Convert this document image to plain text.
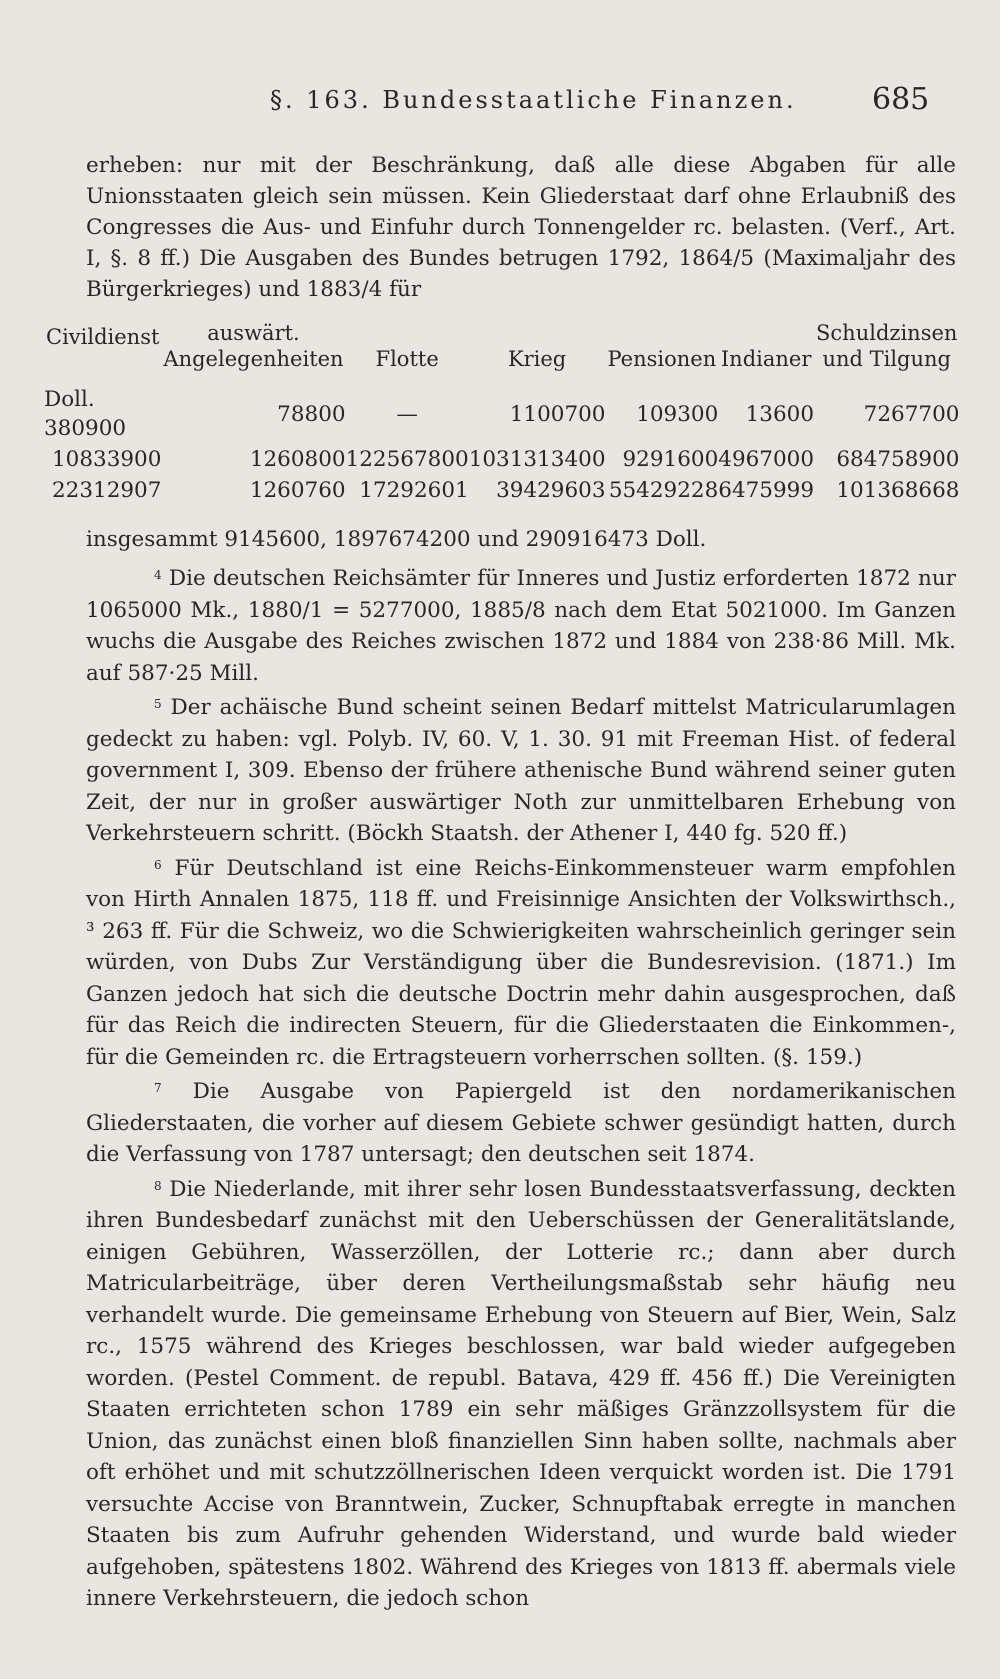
§. 163. Bundesstaatliche Finanzen.	685

erheben: nur mit der Beschränkung, daß alle diese Abgaben für alle Unionsstaaten gleich sein müssen. Kein Gliederstaat darf ohne Erlaubniß des Congresses die Aus- und Einfuhr durch Tonnengelder rc. belasten. (Verf., Art. I, §. 8 ff.) Die Ausgaben des Bundes betrugen 1792, 1864/5 (Maximaljahr des Bürgerkrieges) und 1883/4 für

Civildienst	auswärt. Angelegenheiten	Flotte	Krieg	Pensionen	Indianer	Schuldzinsen und Tilgung
Doll. 380900	78800	—	1100700	109300	13600	7267700
10833900	1260800	122567800	1031313400	9291600	4967000	684758900
22312907	1260760	17292601	39429603	55429228	6475999	101368668

insgesammt 9145600, 1897674200 und 290916473 Doll.

$^4$ Die deutschen Reichsämter für Inneres und Justiz erforderten 1872 nur 1065000 Mk., 1880/1 = 5277000, 1885/8 nach dem Etat 5021000. Im Ganzen wuchs die Ausgabe des Reiches zwischen 1872 und 1884 von 238·86 Mill. Mk. auf 587·25 Mill.

$^5$ Der achäische Bund scheint seinen Bedarf mittelst Matricularumlagen gedeckt zu haben: vgl. Polyb. IV, 60. V, 1. 30. 91 mit Freeman Hist. of federal government I, 309. Ebenso der frühere athenische Bund während seiner guten Zeit, der nur in großer auswärtiger Noth zur unmittelbaren Erhebung von Verkehrsteuern schritt. (Böckh Staatsh. der Athener I, 440 fg. 520 ff.)

$^6$ Für Deutschland ist eine Reichs-Einkommensteuer warm empfohlen von Hirth Annalen 1875, 118 ff. und Freisinnige Ansichten der Volkswirthsch., ³ 263 ff. Für die Schweiz, wo die Schwierigkeiten wahrscheinlich geringer sein würden, von Dubs Zur Verständigung über die Bundesrevision. (1871.) Im Ganzen jedoch hat sich die deutsche Doctrin mehr dahin ausgesprochen, daß für das Reich die indirecten Steuern, für die Gliederstaaten die Einkommen-, für die Gemeinden rc. die Ertragsteuern vorherrschen sollten. (§. 159.)

$^7$ Die Ausgabe von Papiergeld ist den nordamerikanischen Gliederstaaten, die vorher auf diesem Gebiete schwer gesündigt hatten, durch die Verfassung von 1787 untersagt; den deutschen seit 1874.

$^8$ Die Niederlande, mit ihrer sehr losen Bundesstaatsverfassung, deckten ihren Bundesbedarf zunächst mit den Ueberschüssen der Generalitätslande, einigen Gebühren, Wasserzöllen, der Lotterie rc.; dann aber durch Matricularbeiträge, über deren Vertheilungsmaßstab sehr häufig neu verhandelt wurde. Die gemeinsame Erhebung von Steuern auf Bier, Wein, Salz rc., 1575 während des Krieges beschlossen, war bald wieder aufgegeben worden. (Pestel Comment. de republ. Batava, 429 ff. 456 ff.) Die Vereinigten Staaten errichteten schon 1789 ein sehr mäßiges Gränzzollsystem für die Union, das zunächst einen bloß finanziellen Sinn haben sollte, nachmals aber oft erhöhet und mit schutzzöllnerischen Ideen verquickt worden ist. Die 1791 versuchte Accise von Branntwein, Zucker, Schnupftabak erregte in manchen Staaten bis zum Aufruhr gehenden Widerstand, und wurde bald wieder aufgehoben, spätestens 1802. Während des Krieges von 1813 ff. abermals viele innere Verkehrsteuern, die jedoch schon
